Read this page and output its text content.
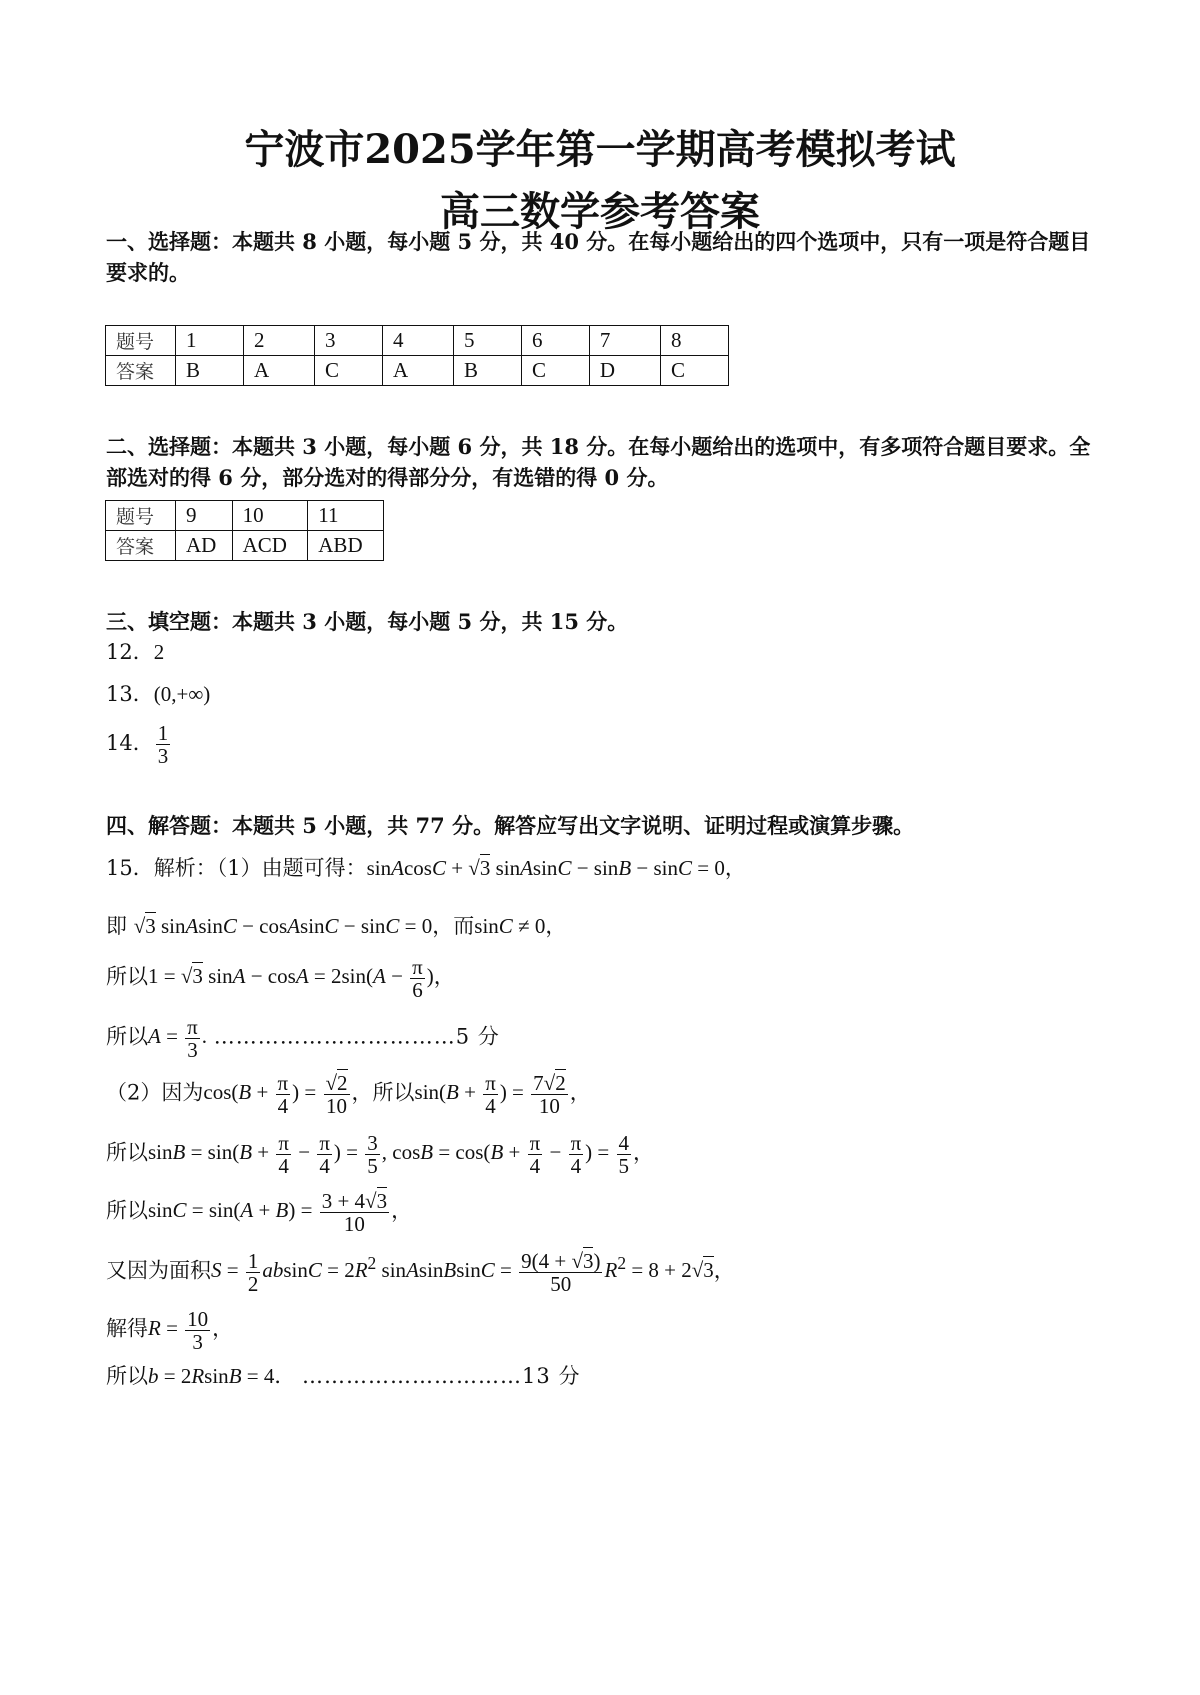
宁波市2025学年第一学期高考模拟考试
高三数学参考答案
一、选择题：本题共 8 小题，每小题 5 分，共 40 分。在每小题给出的四个选项中，只有一项是符合题目
要求的。
题号	1	2	3	4	5	6	7	8
答案	B	A	C	A	B	C	D	C
二、选择题：本题共 3 小题，每小题 6 分，共 18 分。在每小题给出的选项中，有多项符合题目要求。全
部选对的得 6 分，部分选对的得部分分，有选错的得 0 分。
题号	9	10	11
答案	AD	ACD	ABD
三、填空题：本题共 3 小题，每小题 5 分，共 15 分。
12．2
13．(0,+∞)
14． $\frac{1}{3}$
四、解答题：本题共 5 小题，共 77 分。解答应写出文字说明、证明过程或演算步骤。
15．解析：（1）由题可得：sinAcosC + √3 sinAsinC − sinB − sinC = 0，
即 √3 sinAsinC − cosAsinC − sinC = 0，而sinC ≠ 0，
所以1 = √3 $\sin A - \cos A = 2\sin(A - \frac{\pi}{6}$ )，
所以$A = \frac{\pi}{3}$ . ……………………………5 分
（2）因为$\cos(B + \frac{\pi}{4}$ ) = $\frac{√2}{10}$ ，所以$\sin(B + \frac{\pi}{4}$ ) = $\frac{7√2}{10}$ ，
所以$\sin B = \sin(B + \frac{\pi}{4} - \frac{\pi}{4}$ ) = $\frac{3}{5}$ , $\cos B = \cos(B + \frac{\pi}{4} - \frac{\pi}{4}$ ) = $\frac{4}{5}$ ，
所以$\sin C = \sin(A + B) = \frac{3 + 4√3}{10}$ ，
又因为面积$S = \frac{1}{2}$ $absinC = 2R^2$ sinAsinBsinC = $\frac{9(4 + √3)}{50} R^2 = 8 + 2√3$，
解得$R = \frac{10}{3}$ ，
所以b = 2RsinB = 4． …………………………13 分
